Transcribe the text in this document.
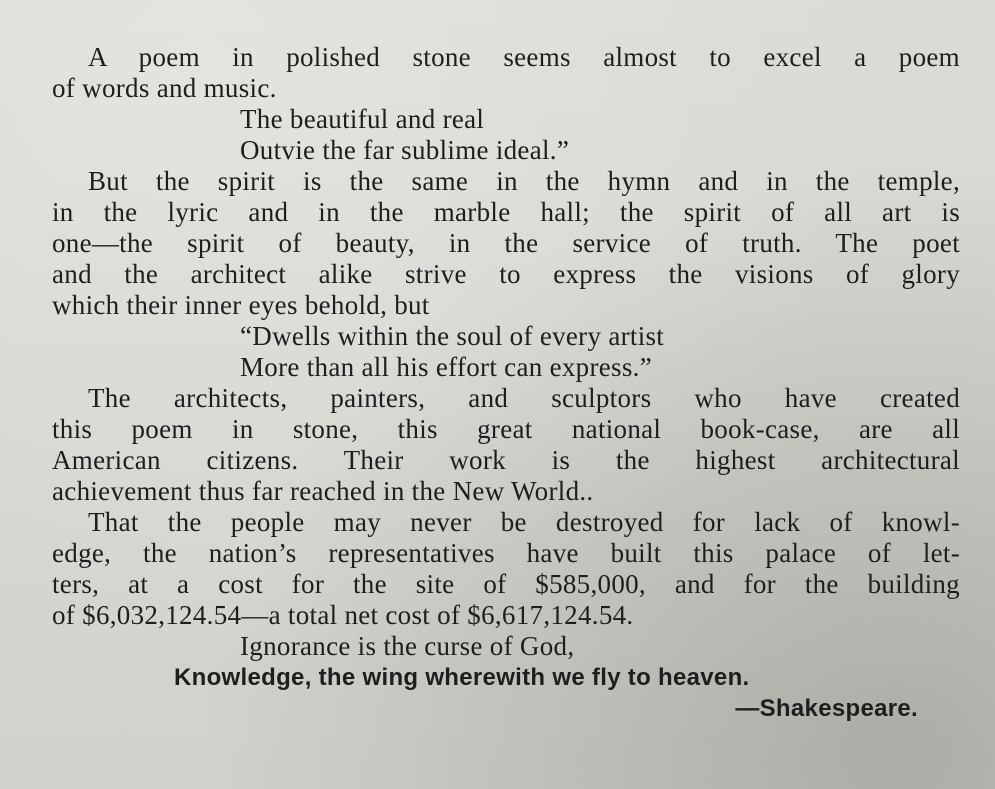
A poem in polished stone seems almost to excel a poem
of words and music.
The beautiful and real
Outvie the far sublime ideal.”
But the spirit is the same in the hymn and in the temple,
in the lyric and in the marble hall; the spirit of all art is
one—the spirit of beauty, in the service of truth. The poet
and the architect alike strive to express the visions of glory
which their inner eyes behold, but
“Dwells within the soul of every artist
More than all his effort can express.”
The architects, painters, and sculptors who have created
this poem in stone, this great national book-case, are all
American citizens. Their work is the highest architectural
achievement thus far reached in the New World..
That the people may never be destroyed for lack of knowl-
edge, the nation’s representatives have built this palace of let-
ters, at a cost for the site of $585,000, and for the building
of $6,032,124.54—a total net cost of $6,617,124.54.
Ignorance is the curse of God,
Knowledge, the wing wherewith we fly to heaven.
—Shakespeare.
